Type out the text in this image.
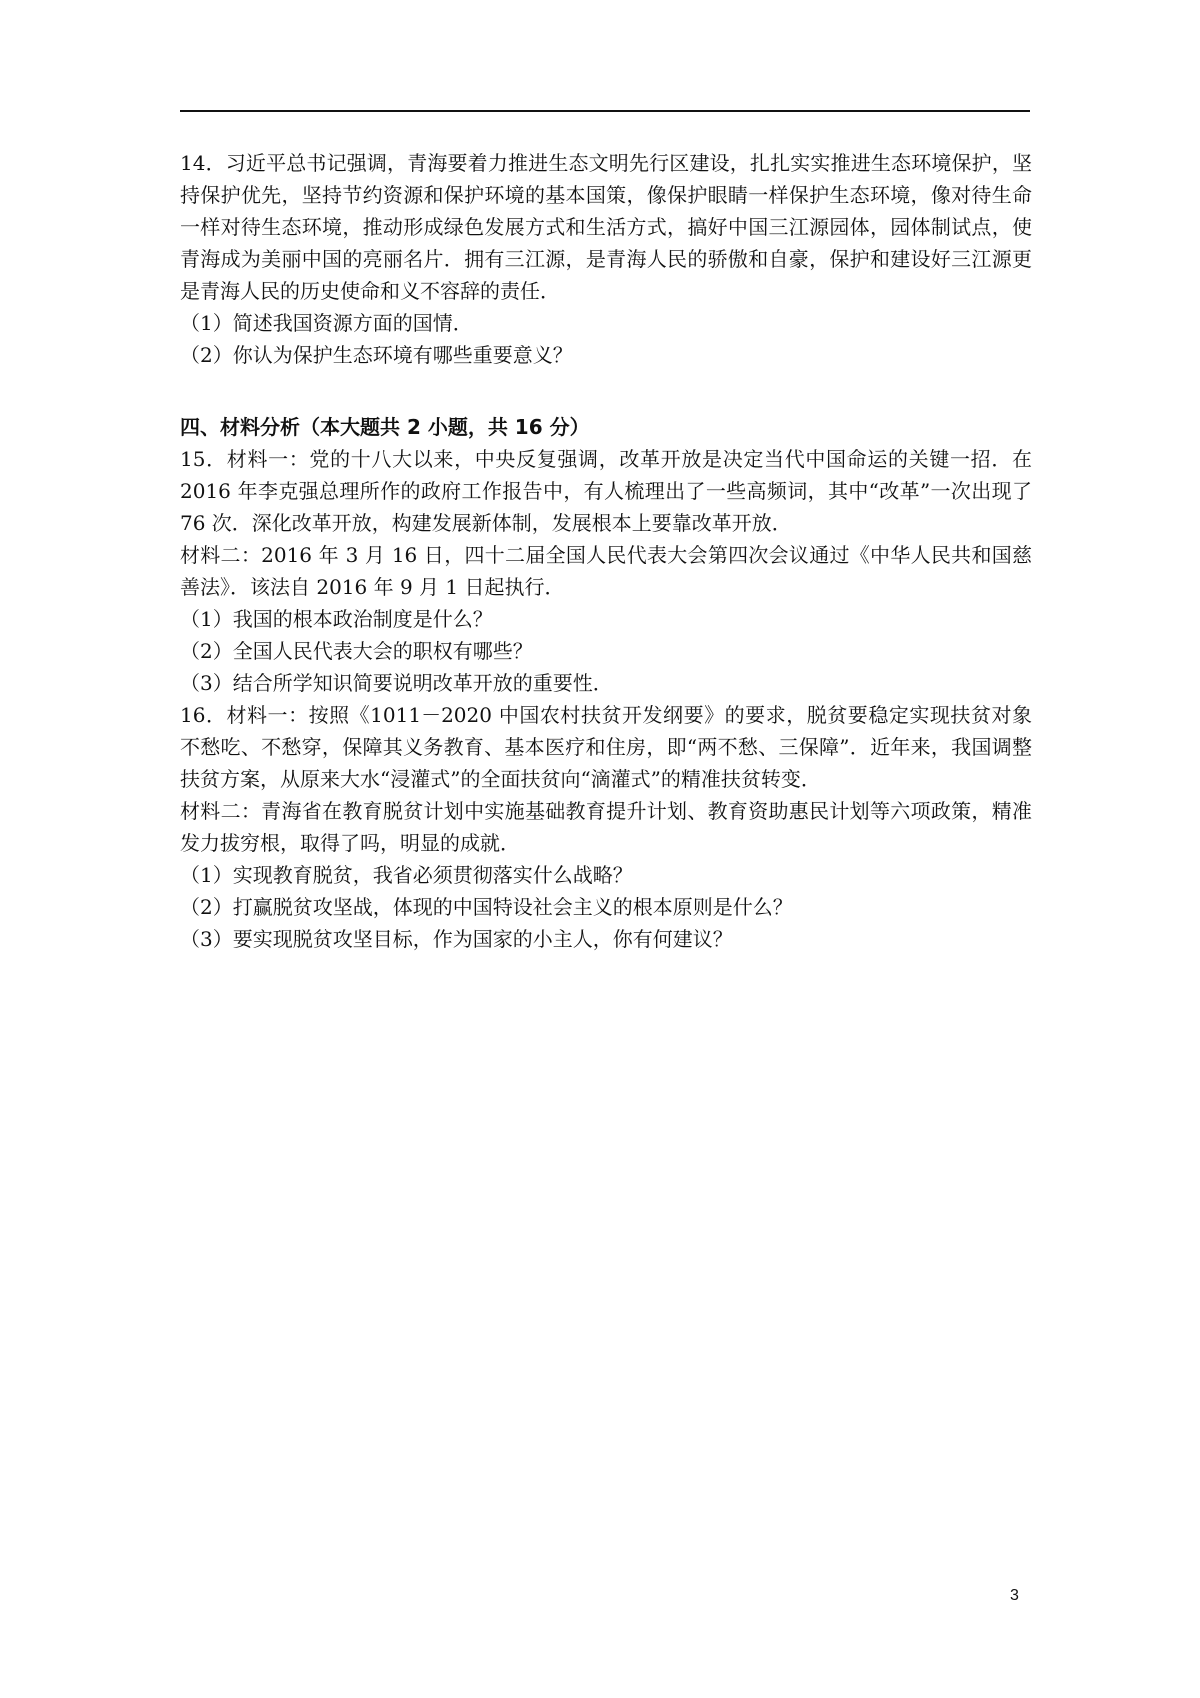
14．习近平总书记强调，青海要着力推进生态文明先行区建设，扎扎实实推进生态环境保护，坚持保护优先，坚持节约资源和保护环境的基本国策，像保护眼睛一样保护生态环境，像对待生命一样对待生态环境，推动形成绿色发展方式和生活方式，搞好中国三江源园体，园体制试点，使青海成为美丽中国的亮丽名片．拥有三江源，是青海人民的骄傲和自豪，保护和建设好三江源更是青海人民的历史使命和义不容辞的责任．

（1）简述我国资源方面的国情．

（2）你认为保护生态环境有哪些重要意义？

四、材料分析（本大题共 2 小题，共 16 分）

15．材料一：党的十八大以来，中央反复强调，改革开放是决定当代中国命运的关键一招．在 2016 年李克强总理所作的政府工作报告中，有人梳理出了一些高频词，其中“改革”一次出现了 76 次．深化改革开放，构建发展新体制，发展根本上要靠改革开放．

材料二：2016 年 3 月 16 日，四十二届全国人民代表大会第四次会议通过《中华人民共和国慈善法》．该法自 2016 年 9 月 1 日起执行．

（1）我国的根本政治制度是什么？

（2）全国人民代表大会的职权有哪些？

（3）结合所学知识简要说明改革开放的重要性．

16．材料一：按照《1011－2020 中国农村扶贫开发纲要》的要求，脱贫要稳定实现扶贫对象不愁吃、不愁穿，保障其义务教育、基本医疗和住房，即“两不愁、三保障”．近年来，我国调整扶贫方案，从原来大水“浸灌式”的全面扶贫向“滴灌式”的精准扶贫转变．

材料二：青海省在教育脱贫计划中实施基础教育提升计划、教育资助惠民计划等六项政策，精准发力拔穷根，取得了吗，明显的成就．

（1）实现教育脱贫，我省必须贯彻落实什么战略？

（2）打赢脱贫攻坚战，体现的中国特设社会主义的根本原则是什么？

（3）要实现脱贫攻坚目标，作为国家的小主人，你有何建议？

3
